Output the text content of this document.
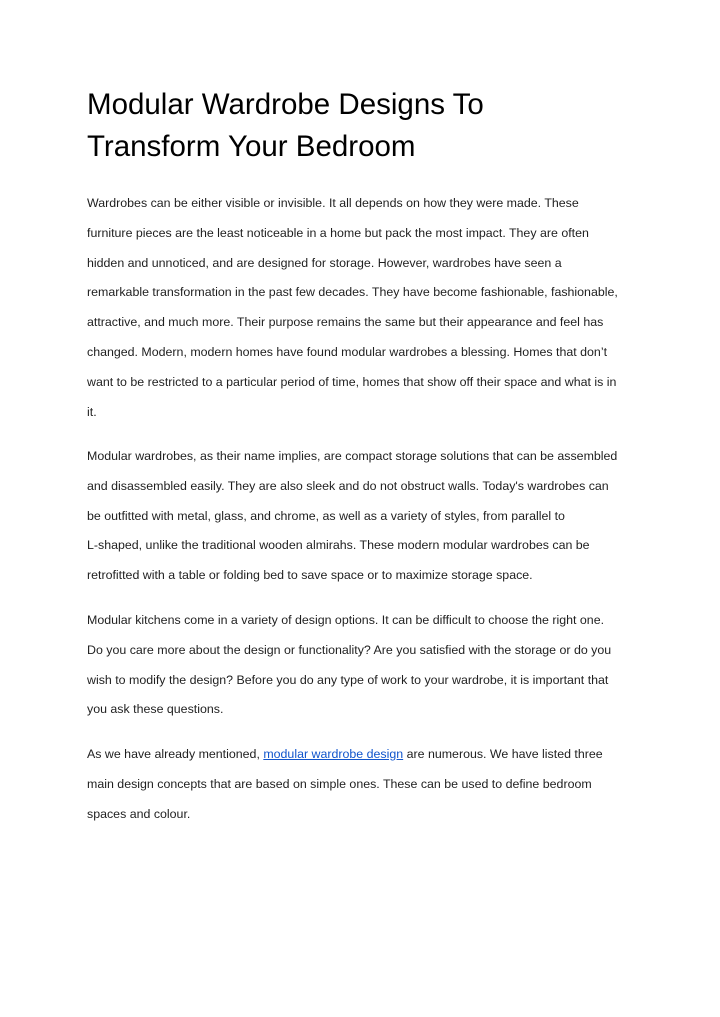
Modular Wardrobe Designs To
Transform Your Bedroom

Wardrobes can be either visible or invisible. It all depends on how they were made. These
furniture pieces are the least noticeable in a home but pack the most impact. They are often
hidden and unnoticed, and are designed for storage. However, wardrobes have seen a
remarkable transformation in the past few decades. They have become fashionable, fashionable,
attractive, and much more. Their purpose remains the same but their appearance and feel has
changed. Modern, modern homes have found modular wardrobes a blessing. Homes that don’t
want to be restricted to a particular period of time, homes that show off their space and what is in
it.

Modular wardrobes, as their name implies, are compact storage solutions that can be assembled
and disassembled easily. They are also sleek and do not obstruct walls. Today's wardrobes can
be outfitted with metal, glass, and chrome, as well as a variety of styles, from parallel to
L-shaped, unlike the traditional wooden almirahs. These modern modular wardrobes can be
retrofitted with a table or folding bed to save space or to maximize storage space.

Modular kitchens come in a variety of design options. It can be difficult to choose the right one.
Do you care more about the design or functionality? Are you satisfied with the storage or do you
wish to modify the design? Before you do any type of work to your wardrobe, it is important that
you ask these questions.

As we have already mentioned, modular wardrobe design are numerous. We have listed three
main design concepts that are based on simple ones. These can be used to define bedroom
spaces and colour.
